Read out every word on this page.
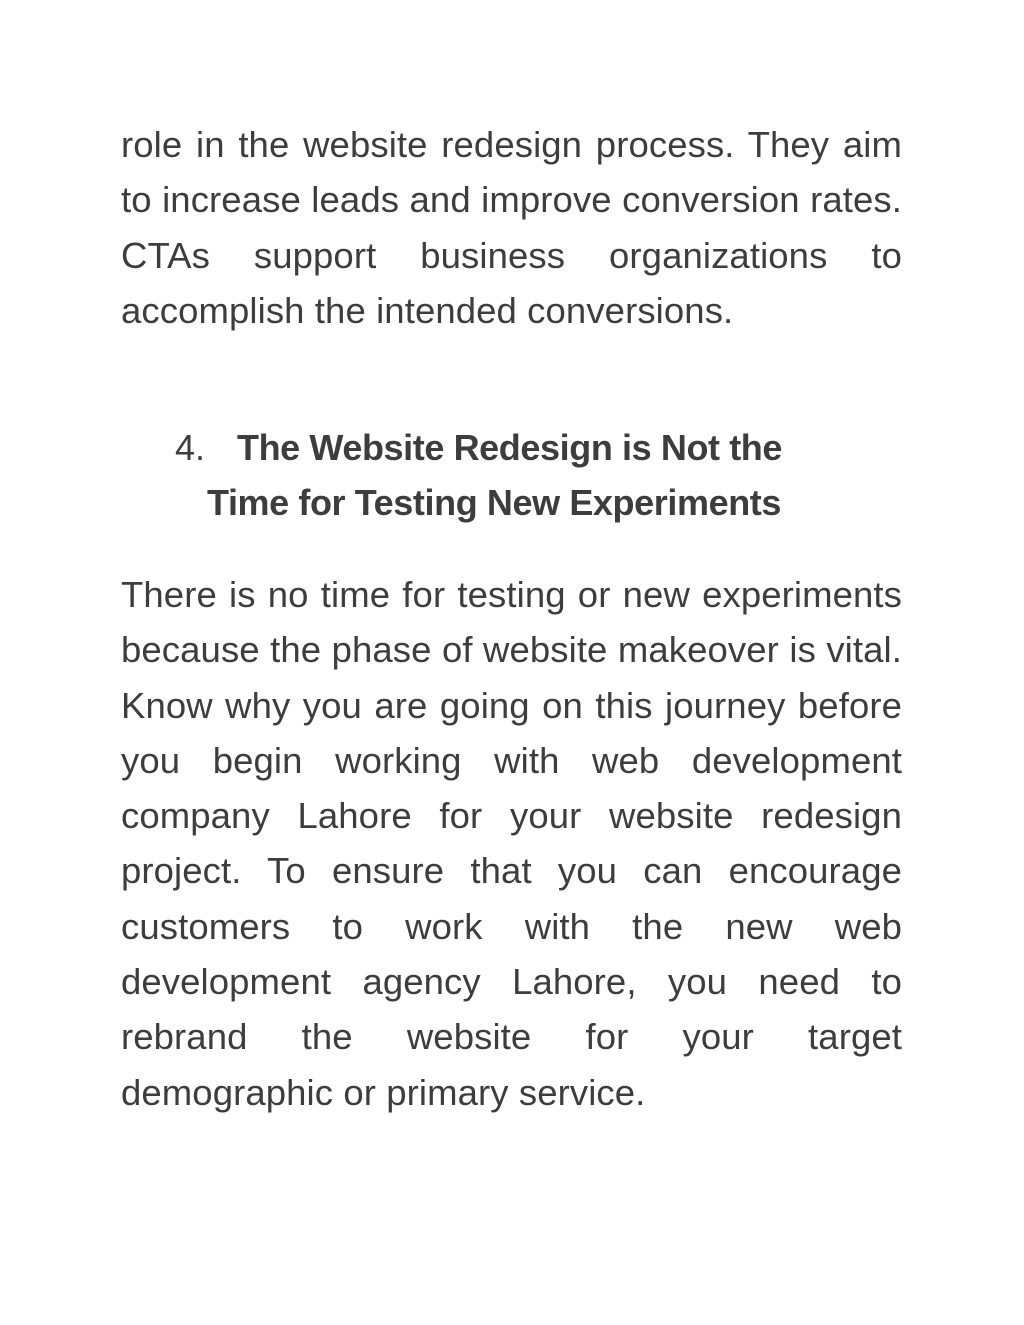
role in the website redesign process. They aim to increase leads and improve conversion rates. CTAs support business organizations to accomplish the intended conversions.

4. The Website Redesign is Not the
Time for Testing New Experiments

There is no time for testing or new experiments because the phase of website makeover is vital. Know why you are going on this journey before you begin working with web development company Lahore for your website redesign project. To ensure that you can encourage customers to work with the new web development agency Lahore, you need to rebrand the website for your target demographic or primary service.
